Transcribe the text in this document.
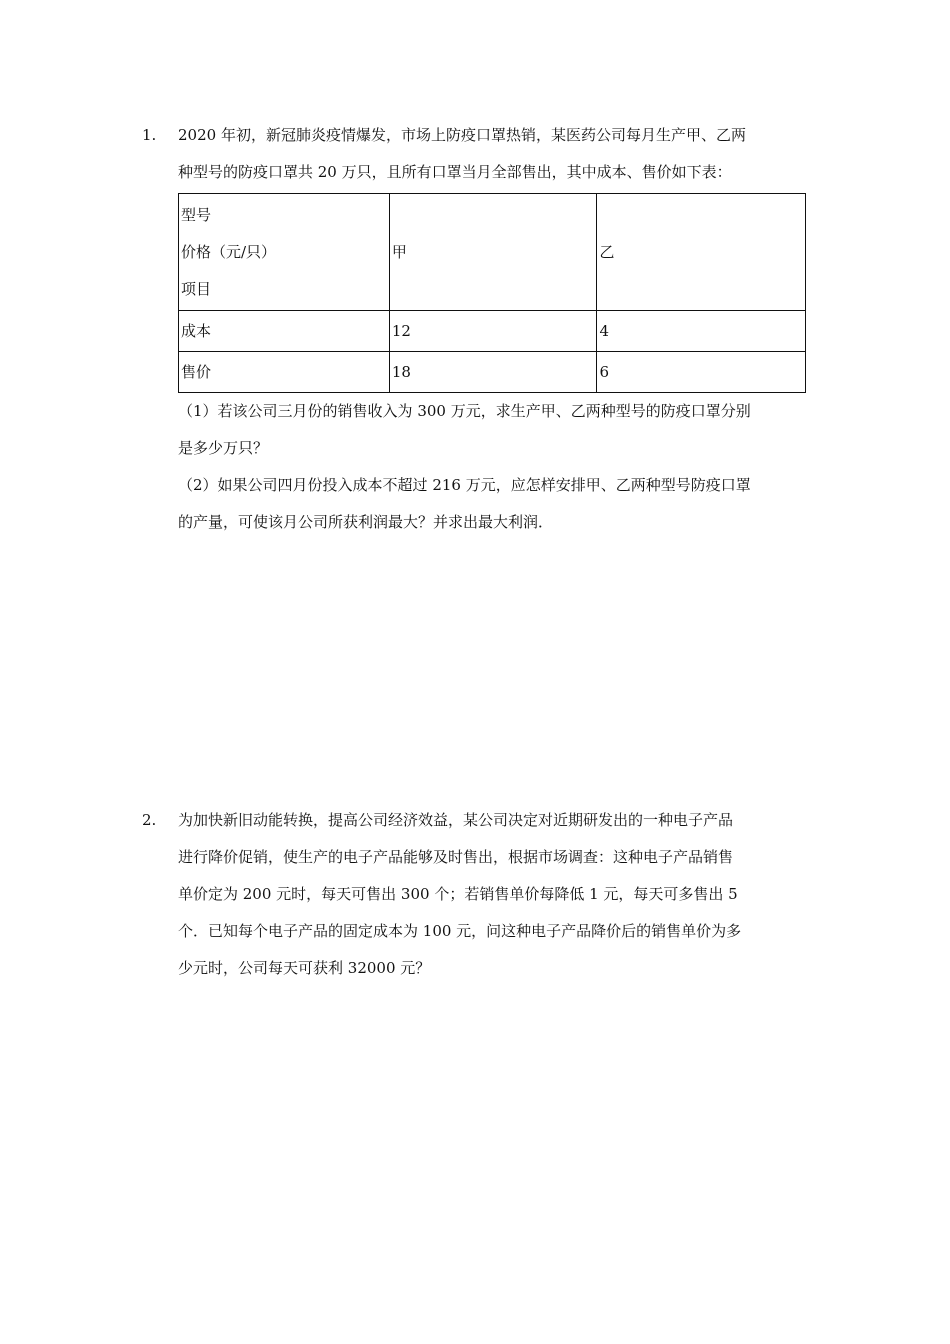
1. 2020 年初，新冠肺炎疫情爆发，市场上防疫口罩热销，某医药公司每月生产甲、乙两

种型号的防疫口罩共 20 万只，且所有口罩当月全部售出，其中成本、售价如下表：

型号
价格（元/只）
项目	甲	乙
成本	12	4
售价	18	6

（1）若该公司三月份的销售收入为 300 万元，求生产甲、乙两种型号的防疫口罩分别

是多少万只？

（2）如果公司四月份投入成本不超过 216 万元，应怎样安排甲、乙两种型号防疫口罩

的产量，可使该月公司所获利润最大？并求出最大利润．

2. 为加快新旧动能转换，提高公司经济效益，某公司决定对近期研发出的一种电子产品

进行降价促销，使生产的电子产品能够及时售出，根据市场调查：这种电子产品销售

单价定为 200 元时，每天可售出 300 个；若销售单价每降低 1 元，每天可多售出 5

个．已知每个电子产品的固定成本为 100 元，问这种电子产品降价后的销售单价为多

少元时，公司每天可获利 32000 元？
